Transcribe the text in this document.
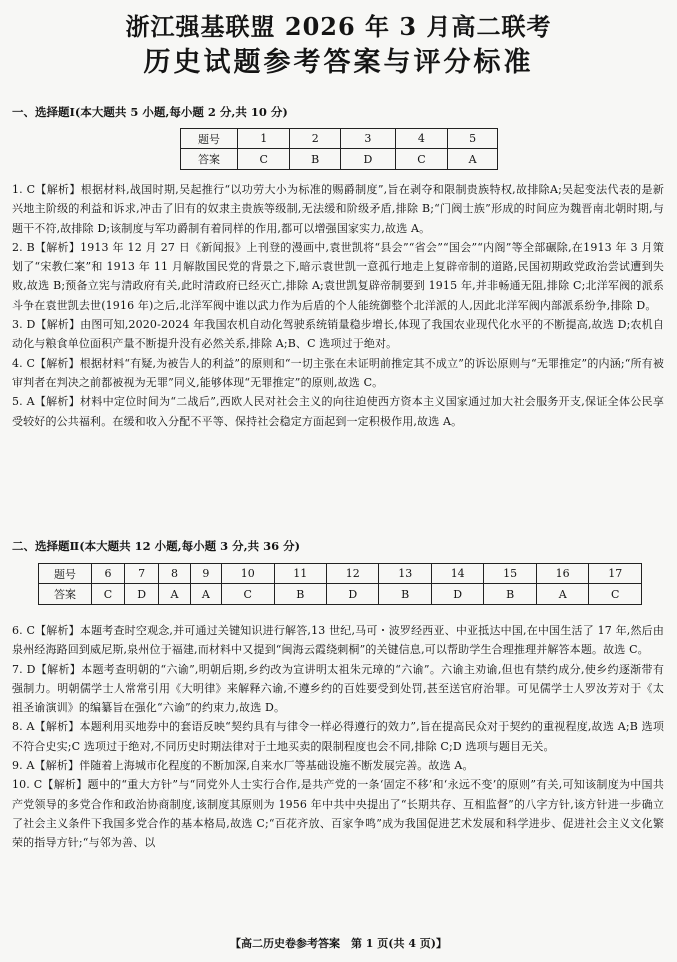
浙江强基联盟 2026 年 3 月高二联考
历史试题参考答案与评分标准
一、选择题Ⅰ(本大题共 5 小题,每小题 2 分,共 10 分)
题号	1	2	3	4	5
答案	C	B	D	C	A

1. C【解析】根据材料,战国时期,吴起推行“以功劳大小为标准的赐爵制度”,旨在剥夺和限制贵族特权,故排除A;吴起变法代表的是新兴地主阶级的利益和诉求,冲击了旧有的奴隶主贵族等级制,无法缓和阶级矛盾,排除 B;“门阀士族”形成的时间应为魏晋南北朝时期,与题干不符,故排除 D;该制度与军功爵制有着同样的作用,都可以增强国家实力,故选 A。

2. B【解析】1913 年 12 月 27 日《新闻报》上刊登的漫画中,袁世凯将“县会”“省会”“国会”“内阁”等全部碾除,在1913 年 3 月策划了“宋教仁案”和 1913 年 11 月解散国民党的背景之下,暗示袁世凯一意孤行地走上复辟帝制的道路,民国初期政党政治尝试遭到失败,故选 B;预备立宪与清政府有关,此时清政府已经灭亡,排除 A;袁世凯复辟帝制要到 1915 年,并非畅通无阻,排除 C;北洋军阀的派系斗争在袁世凯去世(1916 年)之后,北洋军阀中谁以武力作为后盾的个人能统御整个北洋派的人,因此北洋军阀内部派系纷争,排除 D。

3. D【解析】由图可知,2020-2024 年我国农机自动化驾驶系统销量稳步增长,体现了我国农业现代化水平的不断提高,故选 D;农机自动化与粮食单位面积产量不断提升没有必然关系,排除 A;B、C 选项过于绝对。

4. C【解析】根据材料“有疑,为被告人的利益”的原则和“一切主张在未证明前推定其不成立”的诉讼原则与“无罪推定”的内涵;“所有被审判者在判决之前都被视为无罪”同义,能够体现“无罪推定”的原则,故选 C。

5. A【解析】材料中定位时间为“二战后”,西欧人民对社会主义的向往迫使西方资本主义国家通过加大社会服务开支,保证全体公民享受较好的公共福利。在缓和收入分配不平等、保持社会稳定方面起到一定积极作用,故选 A。

二、选择题Ⅱ(本大题共 12 小题,每小题 3 分,共 36 分)
题号	6	7	8	9	10	11	12	13	14	15	16	17
答案	C	D	A	A	C	B	D	B	D	B	A	C

6. C【解析】本题考查时空观念,并可通过关键知识进行解答,13 世纪,马可・波罗经西亚、中亚抵达中国,在中国生活了 17 年,然后由泉州经海路回到威尼斯,泉州位于福建,而材料中又提到“闽海云霞绕刺桐”的关键信息,可以帮助学生合理推理并解答本题。故选 C。

7. D【解析】本题考查明朝的“六谕”,明朝后期,乡约改为宣讲明太祖朱元璋的“六谕”。六谕主劝谕,但也有禁约成分,使乡约逐渐带有强制力。明朝儒学士人常常引用《大明律》来解释六谕,不遵乡约的百姓要受到处罚,甚至送官府治罪。可见儒学士人罗汝芳对于《太祖圣谕演训》的编纂旨在强化“六谕”的约束力,故选 D。

8. A【解析】本题利用买地券中的套语反映“契约具有与律令一样必得遵行的效力”,旨在提高民众对于契约的重视程度,故选 A;B 选项不符合史实;C 选项过于绝对,不同历史时期法律对于土地买卖的限制程度也会不同,排除 C;D 选项与题目无关。

9. A【解析】伴随着上海城市化程度的不断加深,自来水厂等基础设施不断发展完善。故选 A。

10. C【解析】题中的“重大方针”与“同党外人士实行合作,是共产党的一条‘固定不移’和‘永远不变’的原则”有关,可知该制度为中国共产党领导的多党合作和政治协商制度,该制度其原则为 1956 年中共中央提出了“长期共存、互相监督”的八字方针,该方针进一步确立了社会主义条件下我国多党合作的基本格局,故选 C;“百花齐放、百家争鸣”成为我国促进艺术发展和科学进步、促进社会主义文化繁荣的指导方针;“与邻为善、以

【高二历史卷参考答案　第 1 页(共 4 页)】
